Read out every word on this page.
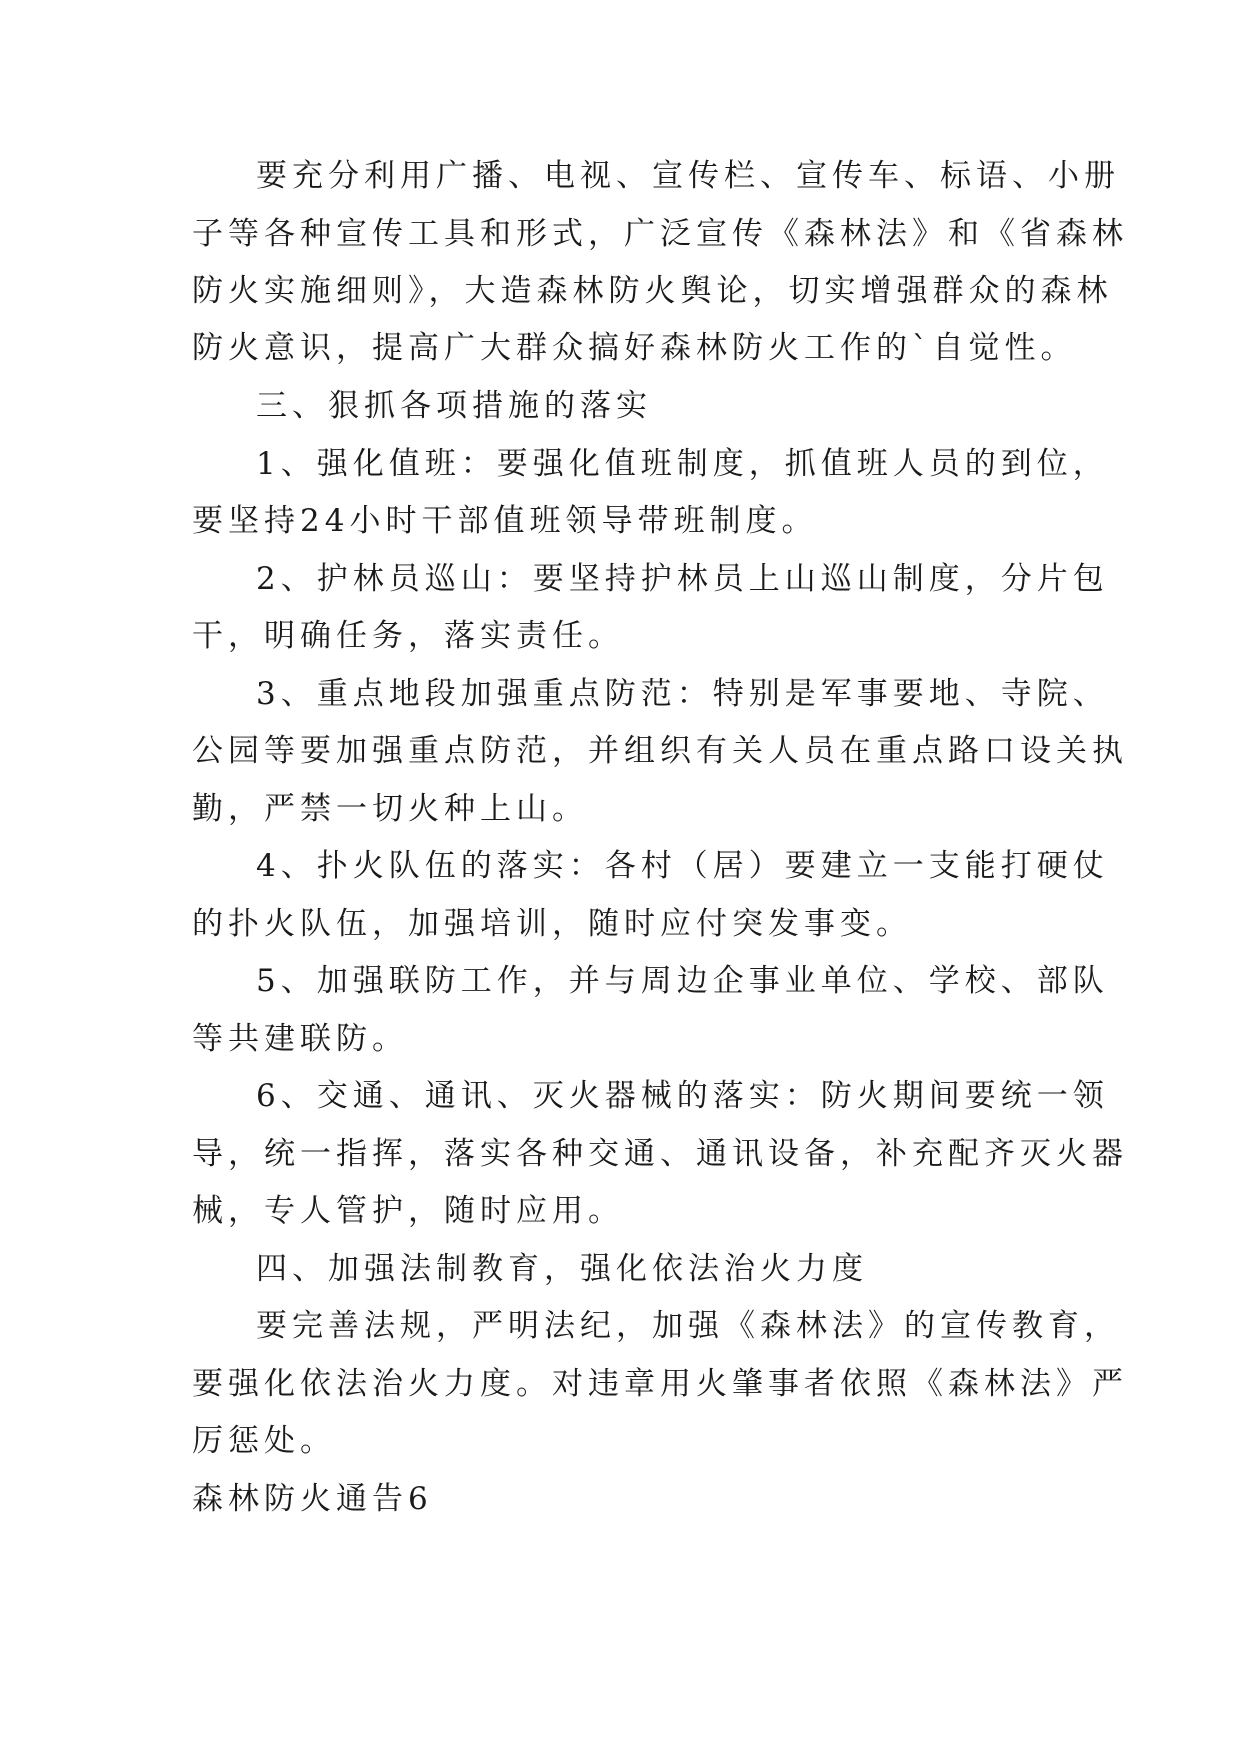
要充分利用广播、电视、宣传栏、宣传车、标语、小册
子等各种宣传工具和形式，广泛宣传《森林法》和《省森林
防火实施细则》，大造森林防火舆论，切实增强群众的森林
防火意识，提高广大群众搞好森林防火工作的`自觉性。
三、狠抓各项措施的落实
1、强化值班：要强化值班制度，抓值班人员的到位，
要坚持24小时干部值班领导带班制度。
2、护林员巡山：要坚持护林员上山巡山制度，分片包
干，明确任务，落实责任。
3、重点地段加强重点防范：特别是军事要地、寺院、
公园等要加强重点防范，并组织有关人员在重点路口设关执
勤，严禁一切火种上山。
4、扑火队伍的落实：各村（居）要建立一支能打硬仗
的扑火队伍，加强培训，随时应付突发事变。
5、加强联防工作，并与周边企事业单位、学校、部队
等共建联防。
6、交通、通讯、灭火器械的落实：防火期间要统一领
导，统一指挥，落实各种交通、通讯设备，补充配齐灭火器
械，专人管护，随时应用。
四、加强法制教育，强化依法治火力度
要完善法规，严明法纪，加强《森林法》的宣传教育，
要强化依法治火力度。对违章用火肇事者依照《森林法》严
厉惩处。
森林防火通告6
